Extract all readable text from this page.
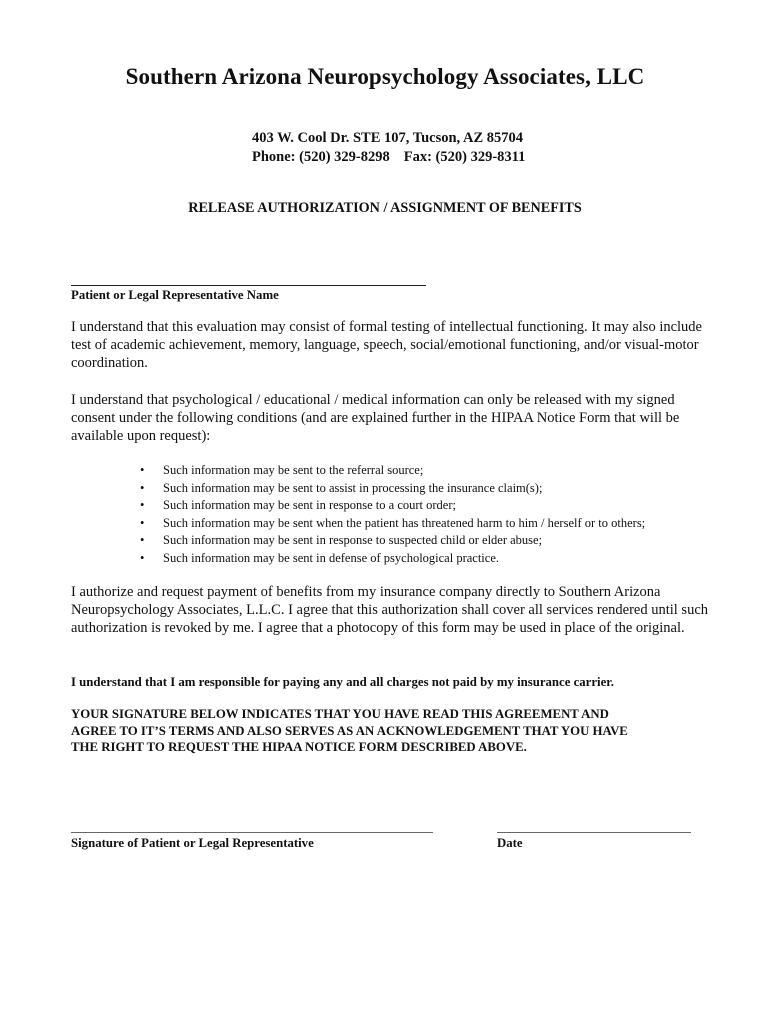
Southern Arizona Neuropsychology Associates, LLC
403 W. Cool Dr. STE 107, Tucson, AZ 85704
Phone: (520) 329-8298 Fax: (520) 329-8311
RELEASE AUTHORIZATION / ASSIGNMENT OF BENEFITS
Patient or Legal Representative Name

I understand that this evaluation may consist of formal testing of intellectual functioning. It may also include test of academic achievement, memory, language, speech, social/emotional functioning, and/or visual-motor coordination.

I understand that psychological / educational / medical information can only be released with my signed consent under the following conditions (and are explained further in the HIPAA Notice Form that will be available upon request):

• Such information may be sent to the referral source;
• Such information may be sent to assist in processing the insurance claim(s);
• Such information may be sent in response to a court order;
• Such information may be sent when the patient has threatened harm to him / herself or to others;
• Such information may be sent in response to suspected child or elder abuse;
• Such information may be sent in defense of psychological practice.

I authorize and request payment of benefits from my insurance company directly to Southern Arizona Neuropsychology Associates, L.L.C. I agree that this authorization shall cover all services rendered until such authorization is revoked by me. I agree that a photocopy of this form may be used in place of the original.

I understand that I am responsible for paying any and all charges not paid by my insurance carrier.

YOUR SIGNATURE BELOW INDICATES THAT YOU HAVE READ THIS AGREEMENT AND
AGREE TO IT’S TERMS AND ALSO SERVES AS AN ACKNOWLEDGEMENT THAT YOU HAVE
THE RIGHT TO REQUEST THE HIPAA NOTICE FORM DESCRIBED ABOVE.
Signature of Patient or Legal Representative	Date
